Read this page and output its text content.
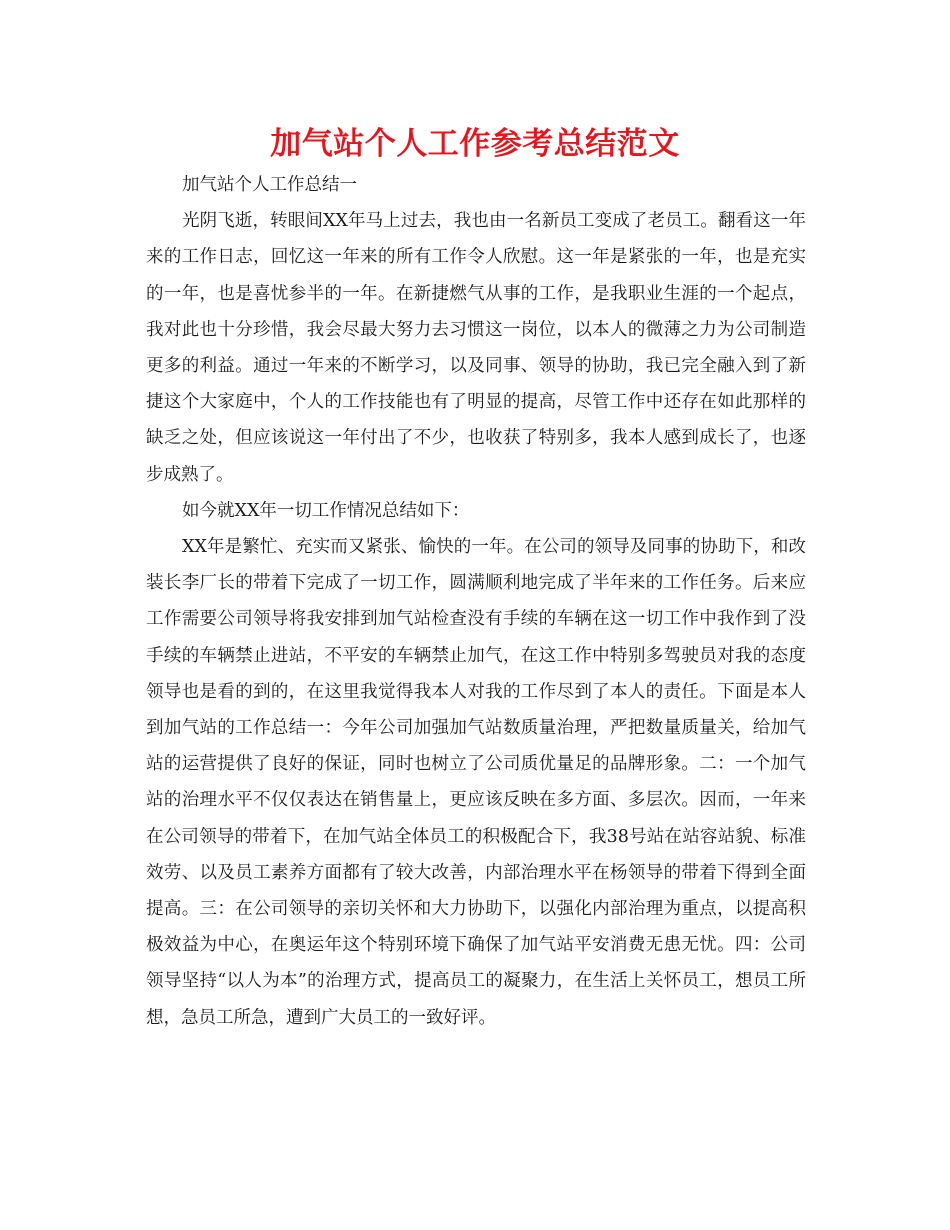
加气站个人工作参考总结范文

加气站个人工作总结一

光阴飞逝，转眼间XX年马上过去，我也由一名新员工变成了老员工。翻看这一年来的工作日志，回忆这一年来的所有工作令人欣慰。这一年是紧张的一年，也是充实的一年，也是喜忧参半的一年。在新捷燃气从事的工作，是我职业生涯的一个起点，我对此也十分珍惜，我会尽最大努力去习惯这一岗位，以本人的微薄之力为公司制造更多的利益。通过一年来的不断学习，以及同事、领导的协助，我已完全融入到了新捷这个大家庭中，个人的工作技能也有了明显的提高，尽管工作中还存在如此那样的缺乏之处，但应该说这一年付出了不少，也收获了特别多，我本人感到成长了，也逐步成熟了。

如今就XX年一切工作情况总结如下：

XX年是繁忙、充实而又紧张、愉快的一年。在公司的领导及同事的协助下，和改装长李厂长的带着下完成了一切工作，圆满顺利地完成了半年来的工作任务。后来应工作需要公司领导将我安排到加气站检查没有手续的车辆在这一切工作中我作到了没手续的车辆禁止进站，不平安的车辆禁止加气，在这工作中特别多驾驶员对我的态度领导也是看的到的，在这里我觉得我本人对我的工作尽到了本人的责任。下面是本人到加气站的工作总结一：今年公司加强加气站数质量治理，严把数量质量关，给加气站的运营提供了良好的保证，同时也树立了公司质优量足的品牌形象。二：一个加气站的治理水平不仅仅表达在销售量上，更应该反映在多方面、多层次。因而，一年来在公司领导的带着下，在加气站全体员工的积极配合下，我38号站在站容站貌、标准效劳、以及员工素养方面都有了较大改善，内部治理水平在杨领导的带着下得到全面提高。三：在公司领导的亲切关怀和大力协助下，以强化内部治理为重点，以提高积极效益为中心，在奥运年这个特别环境下确保了加气站平安消费无患无忧。四：公司领导坚持“以人为本”的治理方式，提高员工的凝聚力，在生活上关怀员工，想员工所想，急员工所急，遭到广大员工的一致好评。
